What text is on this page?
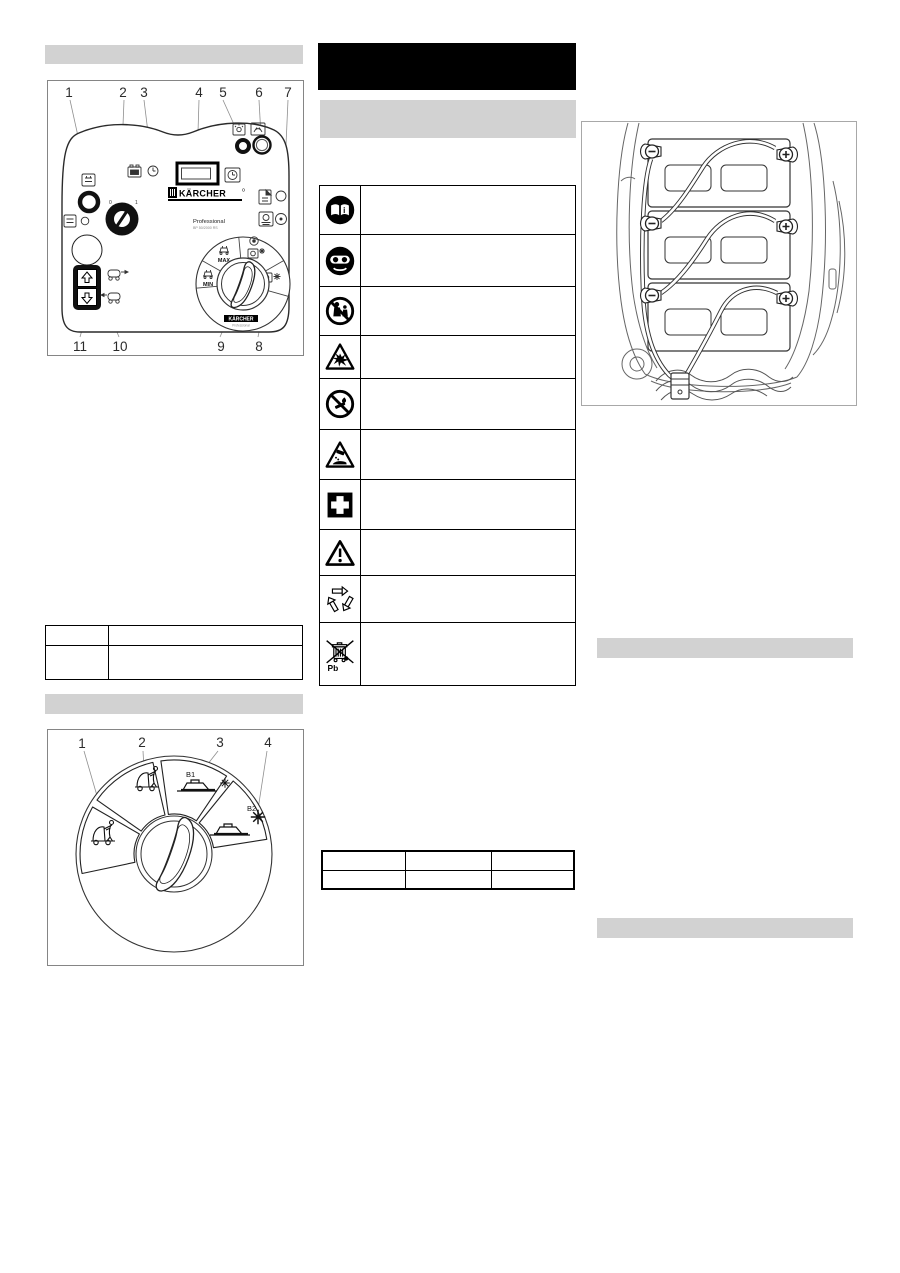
1	2 3	4 5 6 7
11 10	9 8
0	1
KÄRCHER
Professional
BP 50/2000 RS
MAX
MIN
KÄRCHER
Professional
1	2	3	4
B1
B2
i
Pb
